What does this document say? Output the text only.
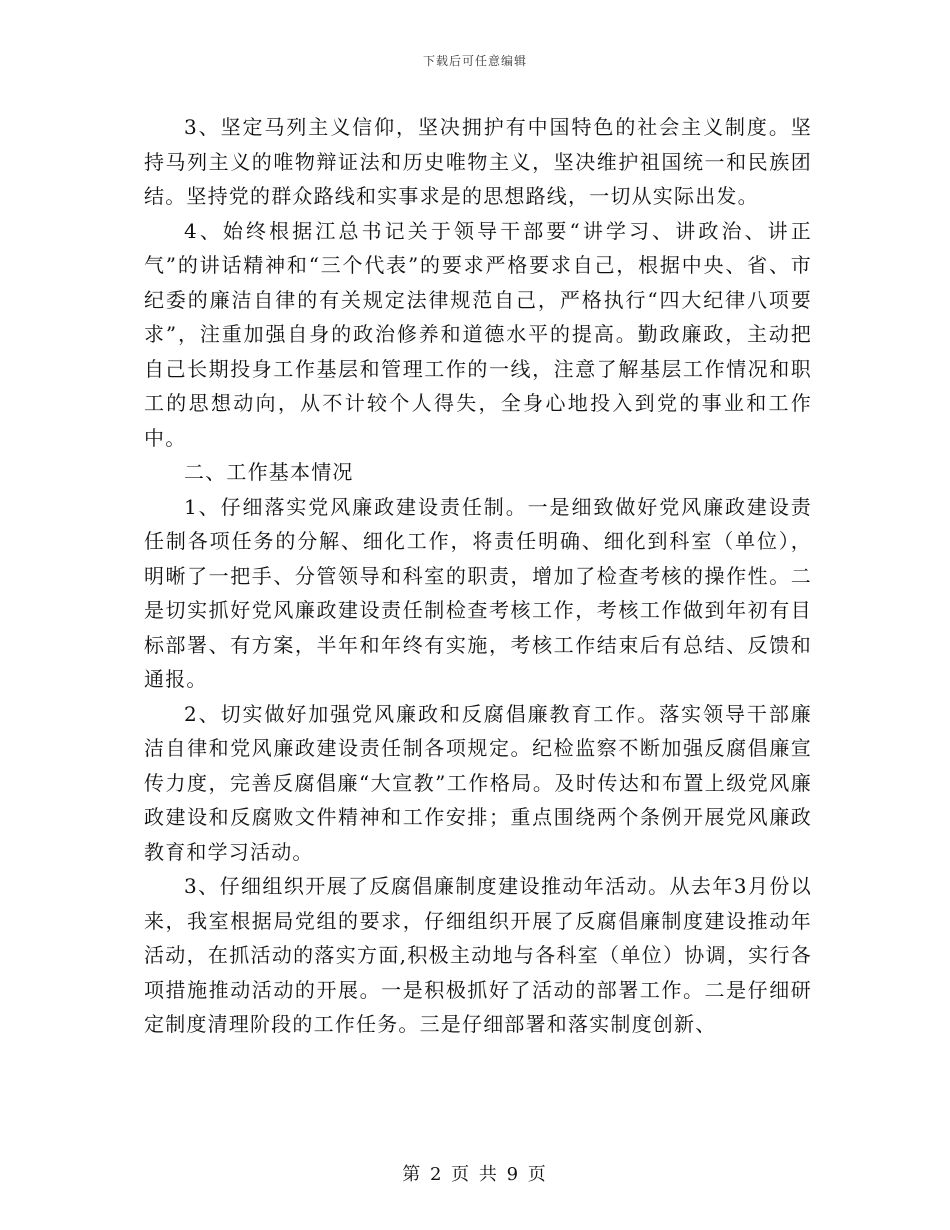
下载后可任意编辑

3、坚定马列主义信仰，坚决拥护有中国特色的社会主义制度。坚持马列主义的唯物辩证法和历史唯物主义，坚决维护祖国统一和民族团结。坚持党的群众路线和实事求是的思想路线，一切从实际出发。

4、始终根据江总书记关于领导干部要“讲学习、讲政治、讲正气”的讲话精神和“三个代表”的要求严格要求自己，根据中央、省、市纪委的廉洁自律的有关规定法律规范自己，严格执行“四大纪律八项要求”，注重加强自身的政治修养和道德水平的提高。勤政廉政，主动把自己长期投身工作基层和管理工作的一线，注意了解基层工作情况和职工的思想动向，从不计较个人得失，全身心地投入到党的事业和工作中。

二、工作基本情况

1、仔细落实党风廉政建设责任制。一是细致做好党风廉政建设责任制各项任务的分解、细化工作，将责任明确、细化到科室（单位），明晰了一把手、分管领导和科室的职责，增加了检查考核的操作性。二是切实抓好党风廉政建设责任制检查考核工作，考核工作做到年初有目标部署、有方案，半年和年终有实施，考核工作结束后有总结、反馈和通报。

2、切实做好加强党风廉政和反腐倡廉教育工作。落实领导干部廉洁自律和党风廉政建设责任制各项规定。纪检监察不断加强反腐倡廉宣传力度，完善反腐倡廉“大宣教”工作格局。及时传达和布置上级党风廉政建设和反腐败文件精神和工作安排；重点围绕两个条例开展党风廉政教育和学习活动。

3、仔细组织开展了反腐倡廉制度建设推动年活动。从去年3月份以来，我室根据局党组的要求，仔细组织开展了反腐倡廉制度建设推动年活动，在抓活动的落实方面,积极主动地与各科室（单位）协调，实行各项措施推动活动的开展。一是积极抓好了活动的部署工作。二是仔细研定制度清理阶段的工作任务。三是仔细部署和落实制度创新、

第 2 页 共 9 页
